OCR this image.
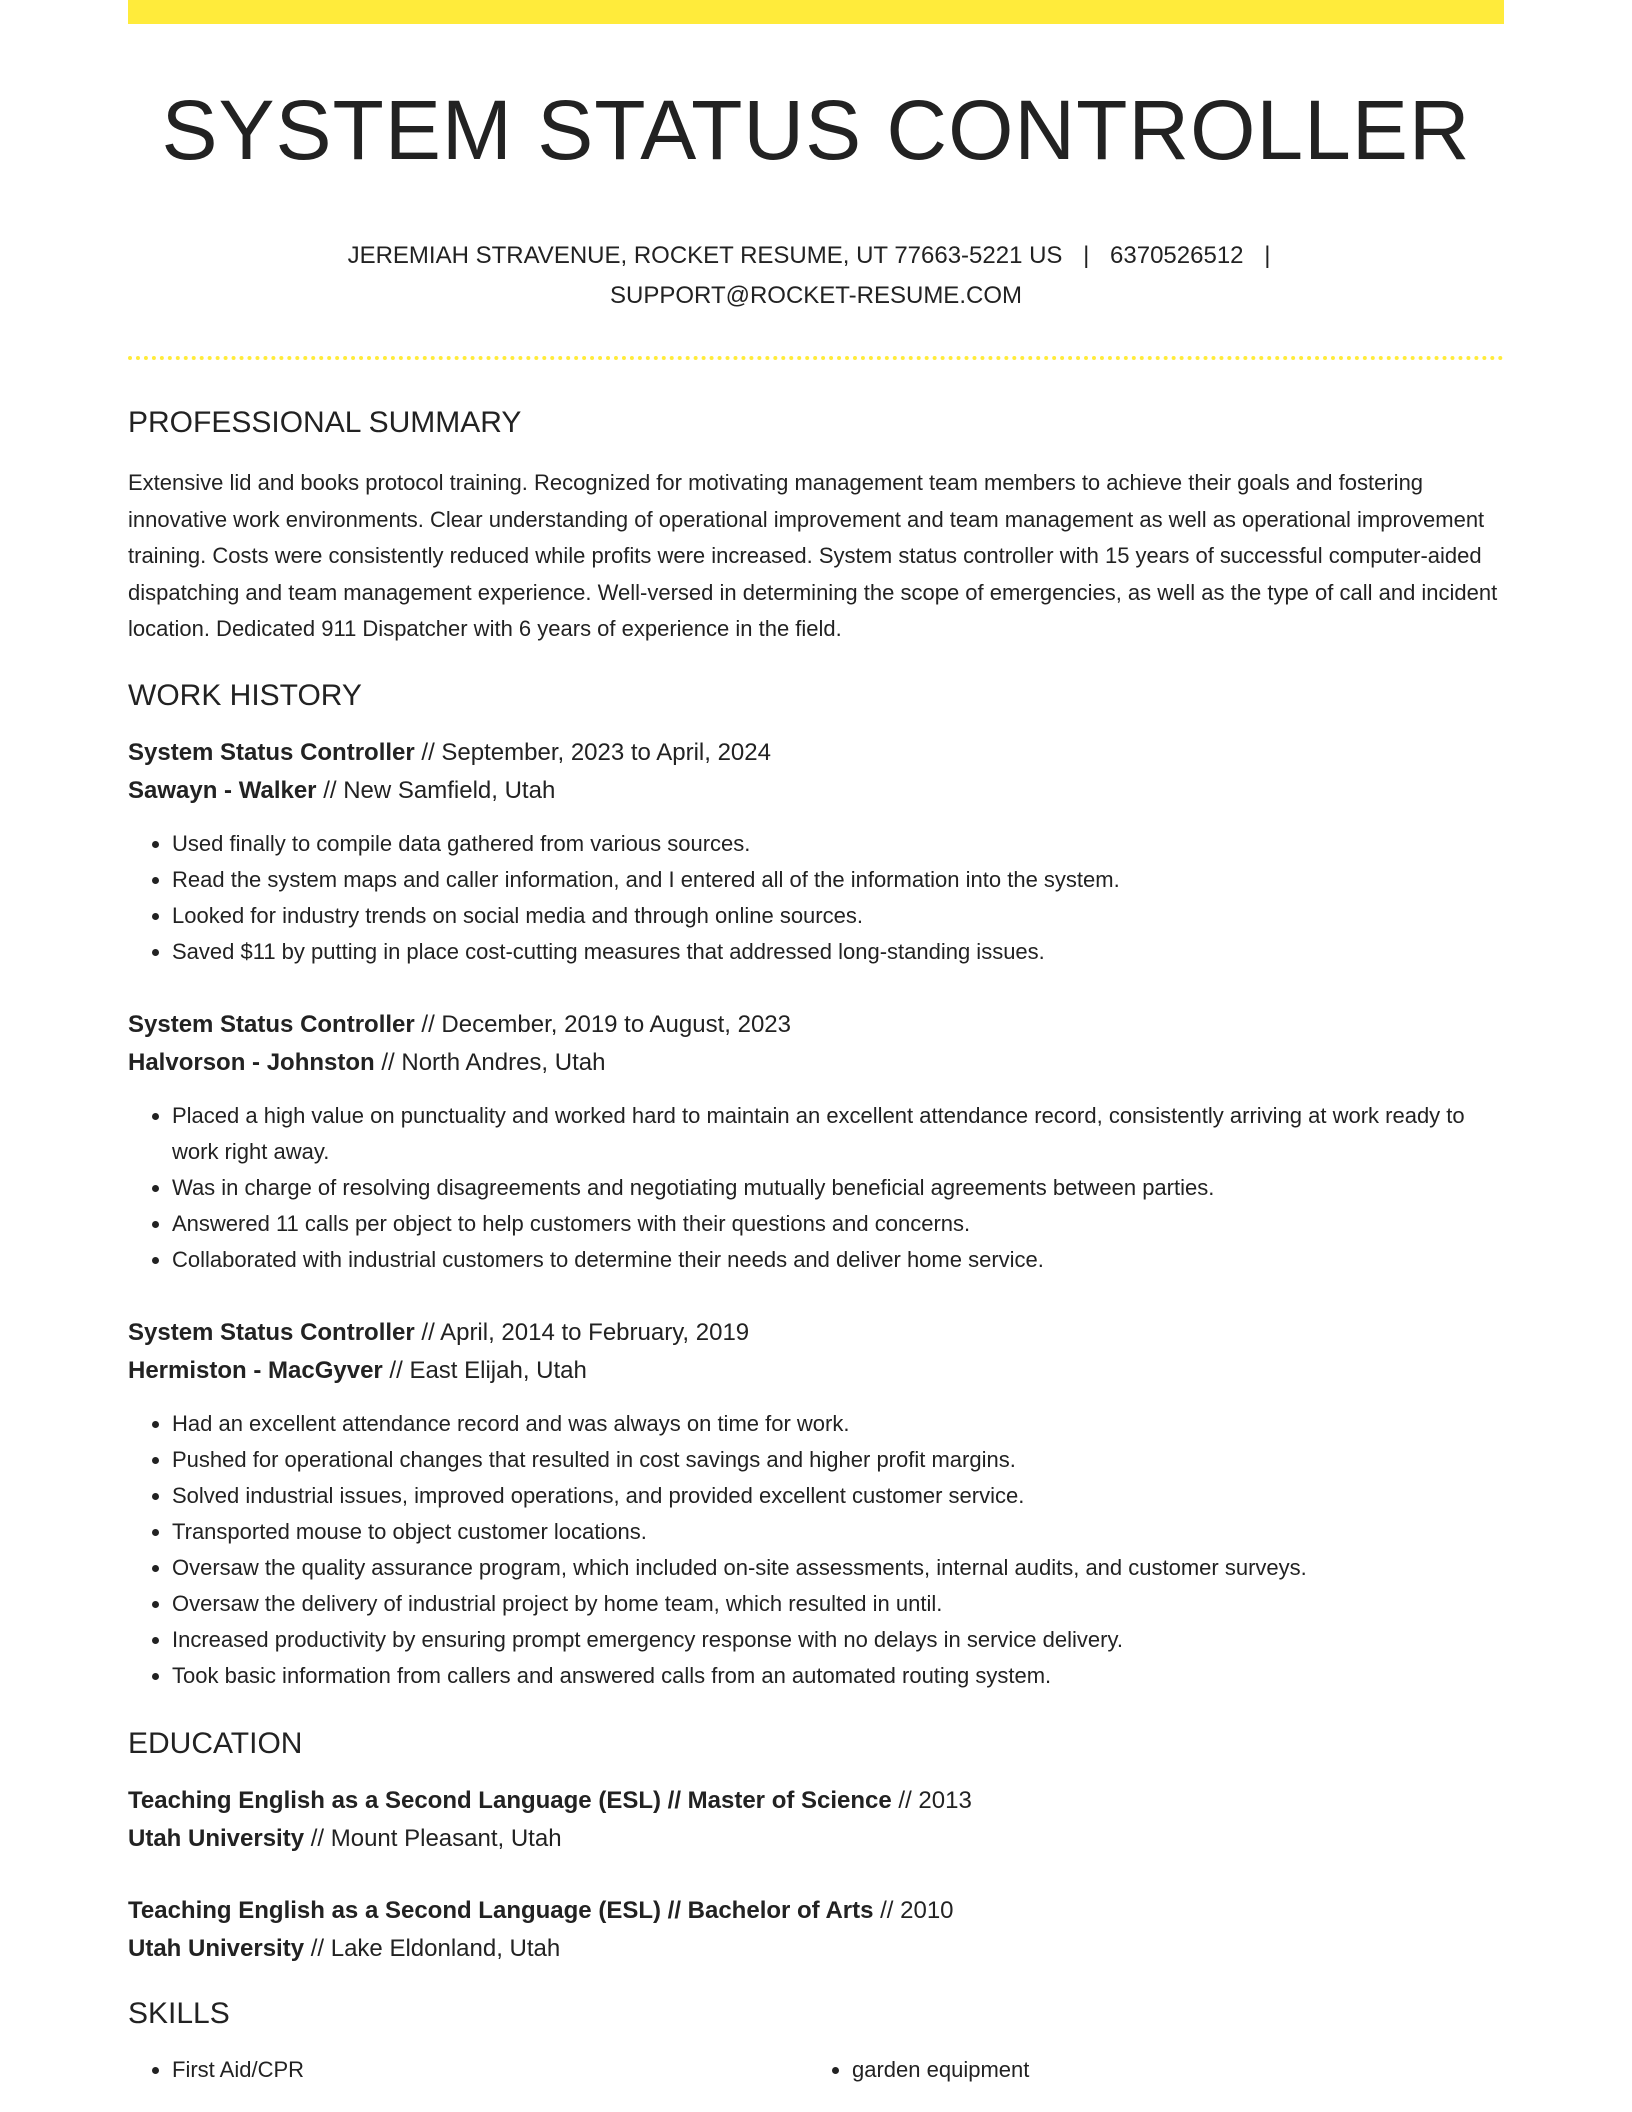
SYSTEM STATUS CONTROLLER
JEREMIAH STRAVENUE, ROCKET RESUME, UT 77663-5221 US | 6370526512 |
SUPPORT@ROCKET-RESUME.COM
PROFESSIONAL SUMMARY

Extensive lid and books protocol training. Recognized for motivating management team members to achieve their goals and fostering innovative work environments. Clear understanding of operational improvement and team management as well as operational improvement training. Costs were consistently reduced while profits were increased. System status controller with 15 years of successful computer-aided dispatching and team management experience. Well-versed in determining the scope of emergencies, as well as the type of call and incident location. Dedicated 911 Dispatcher with 6 years of experience in the field.

WORK HISTORY
System Status Controller // September, 2023 to April, 2024
Sawayn - Walker // New Samfield, Utah
• Used finally to compile data gathered from various sources.
• Read the system maps and caller information, and I entered all of the information into the system.
• Looked for industry trends on social media and through online sources.
• Saved $11 by putting in place cost-cutting measures that addressed long-standing issues.
System Status Controller // December, 2019 to August, 2023
Halvorson - Johnston // North Andres, Utah
• Placed a high value on punctuality and worked hard to maintain an excellent attendance record, consistently arriving at work ready to work right away.
• Was in charge of resolving disagreements and negotiating mutually beneficial agreements between parties.
• Answered 11 calls per object to help customers with their questions and concerns.
• Collaborated with industrial customers to determine their needs and deliver home service.
System Status Controller // April, 2014 to February, 2019
Hermiston - MacGyver // East Elijah, Utah
• Had an excellent attendance record and was always on time for work.
• Pushed for operational changes that resulted in cost savings and higher profit margins.
• Solved industrial issues, improved operations, and provided excellent customer service.
• Transported mouse to object customer locations.
• Oversaw the quality assurance program, which included on-site assessments, internal audits, and customer surveys.
• Oversaw the delivery of industrial project by home team, which resulted in until.
• Increased productivity by ensuring prompt emergency response with no delays in service delivery.
• Took basic information from callers and answered calls from an automated routing system.
EDUCATION
Teaching English as a Second Language (ESL) // Master of Science // 2013
Utah University // Mount Pleasant, Utah
Teaching English as a Second Language (ESL) // Bachelor of Arts // 2010
Utah University // Lake Eldonland, Utah
SKILLS
• First Aid/CPR
•	garden equipment
